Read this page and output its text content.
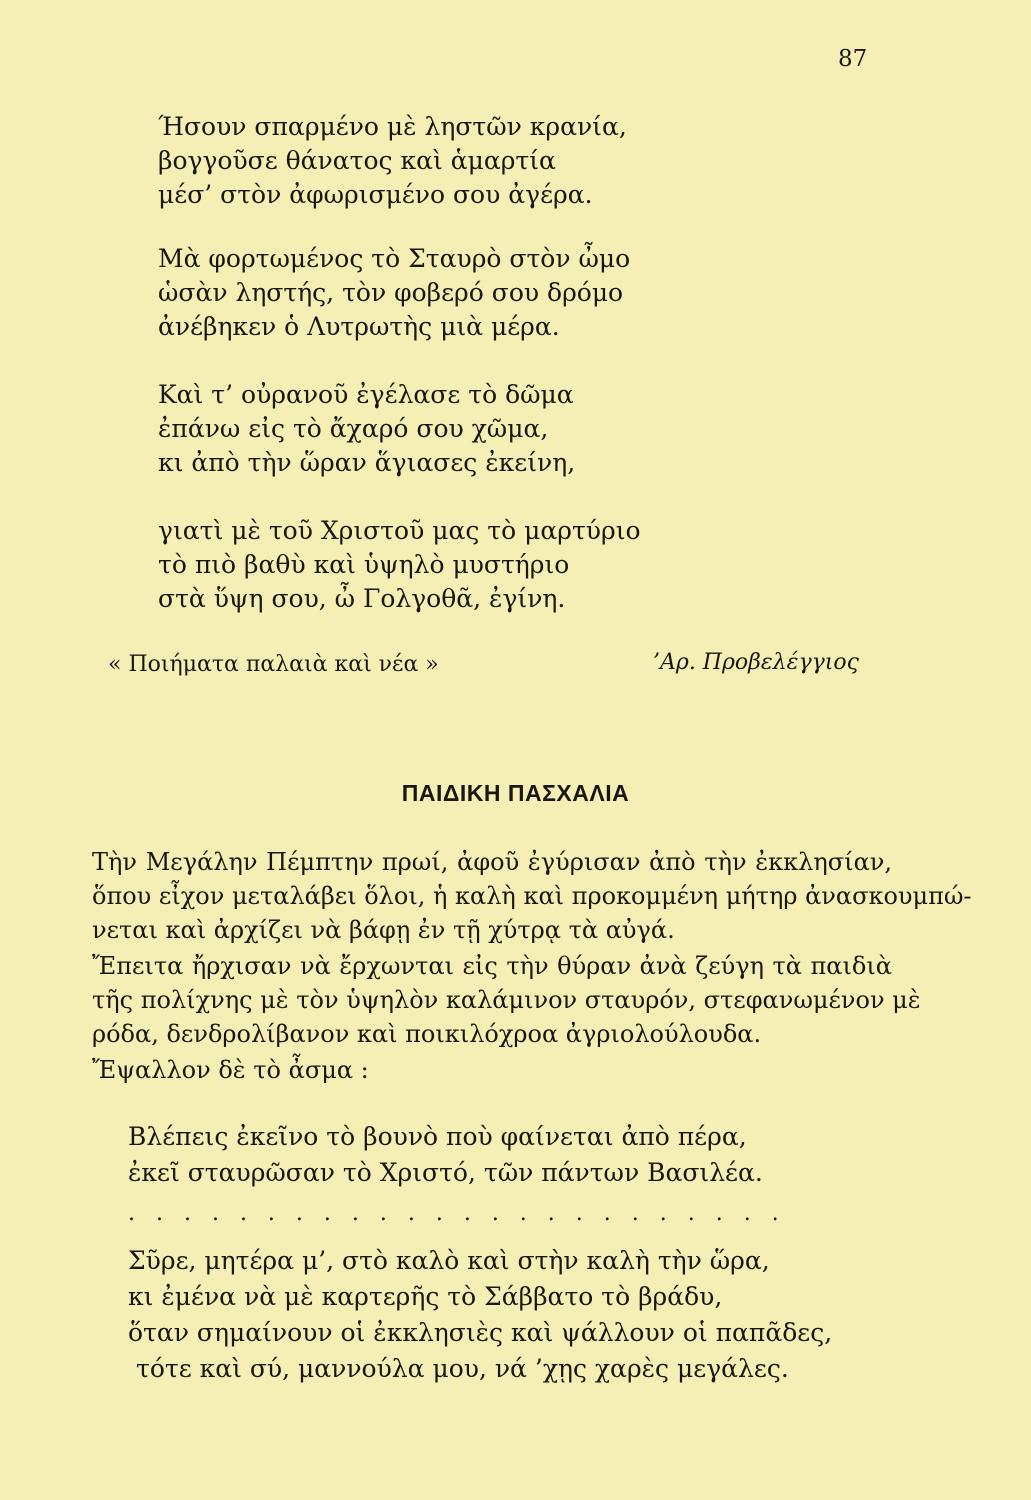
87
Ήσουν σπαρμένο μὲ ληστῶν κρανία,
βογγοῦσε θάνατος καὶ ἁμαρτία
μέσ’ στὸν ἀφωρισμένο σου ἀγέρα.
Μὰ φορτωμένος τὸ Σταυρὸ στὸν ὦμο
ὡσὰν ληστής, τὸν φοβερό σου δρόμο
ἀνέβηκεν ὁ Λυτρωτὴς μιὰ μέρα.
Καὶ τ’ οὐρανοῦ ἐγέλασε τὸ δῶμα
ἐπάνω εἰς τὸ ἄχαρό σου χῶμα,
κι ἀπὸ τὴν ὥραν ἅγιασες ἐκείνη,
γιατὶ μὲ τοῦ Χριστοῦ μας τὸ μαρτύριο
τὸ πιὸ βαθὺ καὶ ὑψηλὸ μυστήριο
στὰ ὕψη σου, ὦ Γολγοθᾶ, ἐγίνη.
« Ποιήματα παλαιὰ καὶ νέα »	’Αρ. Προβελέγγιος
ΠΑΙΔΙΚΗ ΠΑΣΧΑΛΙΑ
Τὴν Μεγάλην Πέμπτην πρωί, ἀφοῦ ἐγύρισαν ἀπὸ τὴν ἐκκλησίαν,
ὅπου εἶχον μεταλάβει ὅλοι, ἡ καλὴ καὶ προκομμένη μήτηρ ἀνασκουμπώ-
νεται καὶ ἀρχίζει νὰ βάφῃ ἐν τῇ χύτρᾳ τὰ αὐγά.
Ἔπειτα ἤρχισαν νὰ ἔρχωνται εἰς τὴν θύραν ἀνὰ ζεύγη τὰ παιδιὰ
τῆς πολίχνης μὲ τὸν ὑψηλὸν καλάμινον σταυρόν, στεφανωμένον μὲ
ρόδα, δενδρολίβανον καὶ ποικιλόχροα ἀγριολούλουδα.
Ἔψαλλον δὲ τὸ ἆσμα :
Βλέπεις ἐκεῖνο τὸ βουνὸ ποὺ φαίνεται ἀπὸ πέρα,
ἐκεῖ σταυρῶσαν τὸ Χριστό, τῶν πάντων Βασιλέα.
. . . . . . . . . . . . . . . . . . . . . . . .
Σῦρε, μητέρα μ’, στὸ καλὸ καὶ στὴν καλὴ τὴν ὥρα,
κι ἐμένα νὰ μὲ καρτερῆς τὸ Σάββατο τὸ βράδυ,
ὅταν σημαίνουν οἱ ἐκκλησιὲς καὶ ψάλλουν οἱ παπᾶδες,
τότε καὶ σύ, μαννούλα μου, νά ’χῃς χαρὲς μεγάλες.
